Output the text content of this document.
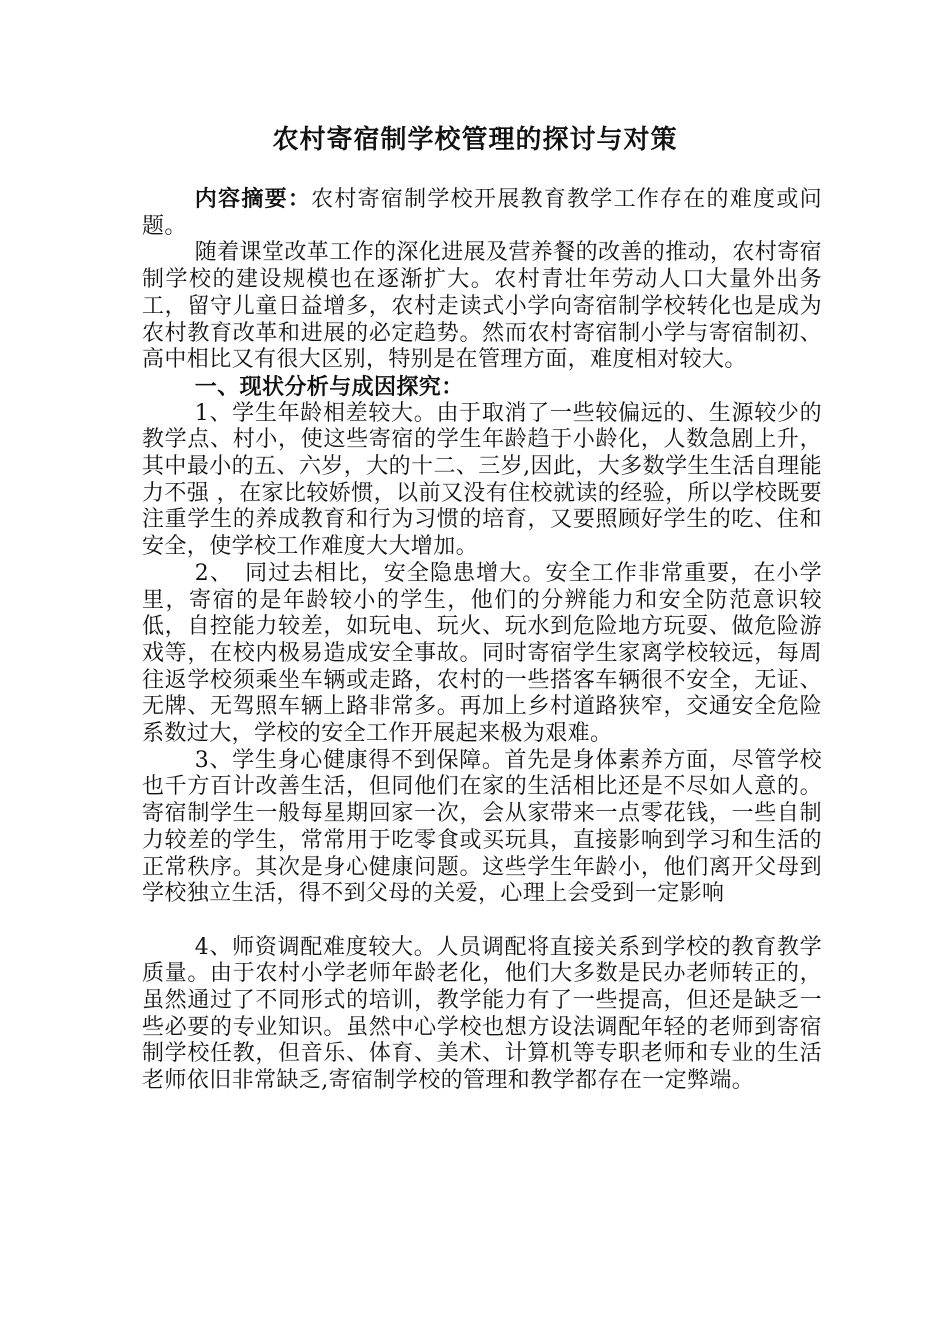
农村寄宿制学校管理的探讨与对策

内容摘要：农村寄宿制学校开展教育教学工作存在的难度或问题。

随着课堂改革工作的深化进展及营养餐的改善的推动，农村寄宿制学校的建设规模也在逐渐扩大。农村青壮年劳动人口大量外出务工，留守儿童日益增多，农村走读式小学向寄宿制学校转化也是成为农村教育改革和进展的必定趋势。然而农村寄宿制小学与寄宿制初、高中相比又有很大区别，特别是在管理方面，难度相对较大。

一、现状分析与成因探究：

1、学生年龄相差较大。由于取消了一些较偏远的、生源较少的教学点、村小，使这些寄宿的学生年龄趋于小龄化，人数急剧上升，其中最小的五、六岁，大的十二、三岁,因此，大多数学生生活自理能力不强 ，在家比较娇惯，以前又没有住校就读的经验，所以学校既要注重学生的养成教育和行为习惯的培育，又要照顾好学生的吃、住和安全，使学校工作难度大大增加。

2、　同过去相比，安全隐患增大。安全工作非常重要，在小学里，寄宿的是年龄较小的学生，他们的分辨能力和安全防范意识较低，自控能力较差，如玩电、玩火、玩水到危险地方玩耍、做危险游戏等，在校内极易造成安全事故。同时寄宿学生家离学校较远，每周往返学校须乘坐车辆或走路，农村的一些搭客车辆很不安全，无证、无牌、无驾照车辆上路非常多。再加上乡村道路狭窄，交通安全危险系数过大，学校的安全工作开展起来极为艰难。

3、学生身心健康得不到保障。首先是身体素养方面，尽管学校也千方百计改善生活，但同他们在家的生活相比还是不尽如人意的。寄宿制学生一般每星期回家一次，会从家带来一点零花钱，一些自制力较差的学生，常常用于吃零食或买玩具，直接影响到学习和生活的正常秩序。其次是身心健康问题。这些学生年龄小，他们离开父母到学校独立生活，得不到父母的关爱，心理上会受到一定影响

4、师资调配难度较大。人员调配将直接关系到学校的教育教学质量。由于农村小学老师年龄老化，他们大多数是民办老师转正的，虽然通过了不同形式的培训，教学能力有了一些提高，但还是缺乏一些必要的专业知识。虽然中心学校也想方设法调配年轻的老师到寄宿制学校任教，但音乐、体育、美术、计算机等专职老师和专业的生活老师依旧非常缺乏,寄宿制学校的管理和教学都存在一定弊端。
